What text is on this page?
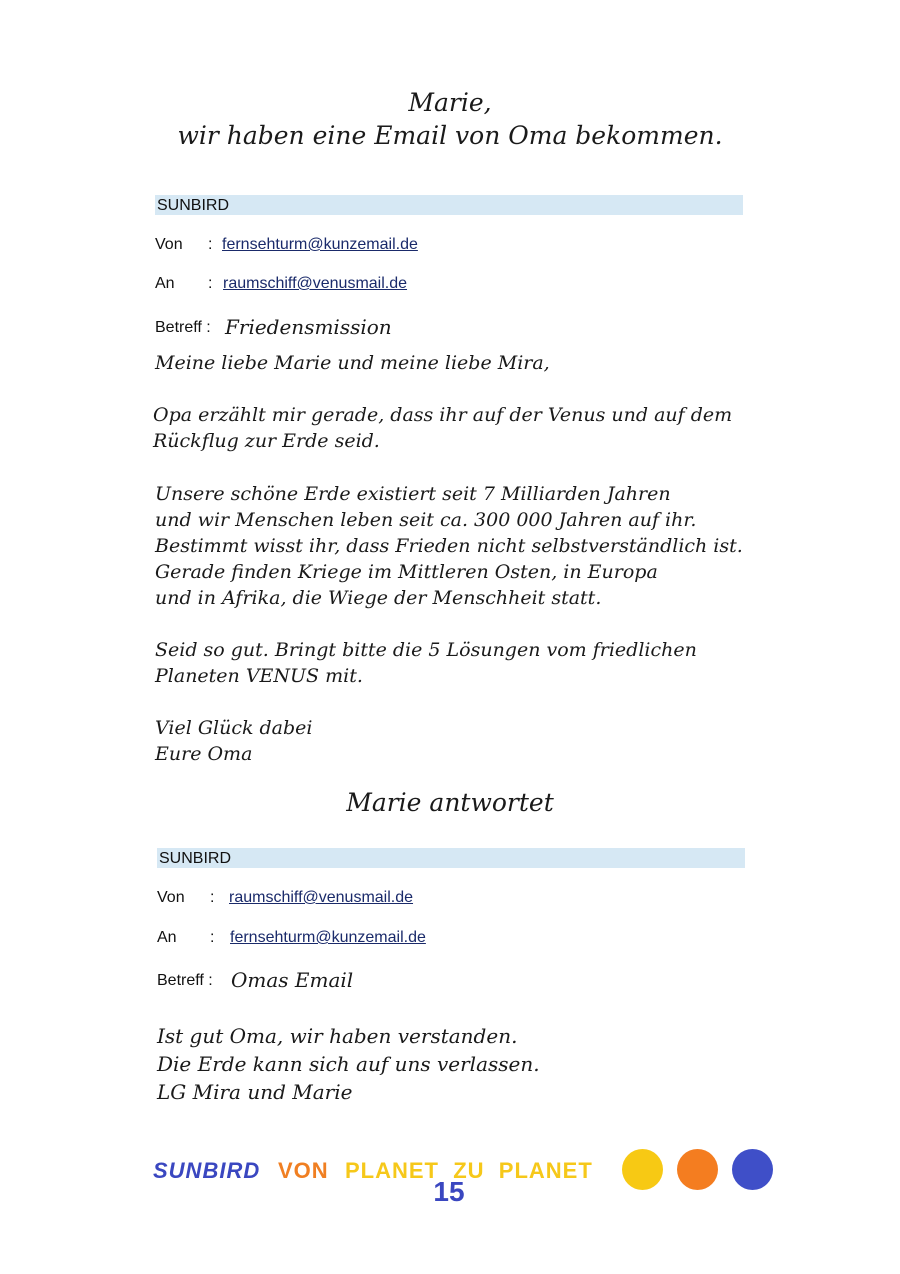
Marie,
wir haben eine Email von Oma bekommen.
SUNBIRD
Von : fernsehturm@kunzemail.de
An : raumschiff@venusmail.de
Betreff : Friedensmission
Meine liebe Marie und meine liebe Mira,
Opa erzählt mir gerade, dass ihr auf der Venus und auf dem
Rückflug zur Erde seid.
Unsere schöne Erde existiert seit 7 Milliarden Jahren
und wir Menschen leben seit ca. 300 000 Jahren auf ihr.
Bestimmt wisst ihr, dass Frieden nicht selbstverständlich ist.
Gerade finden Kriege im Mittleren Osten, in Europa
und in Afrika, die Wiege der Menschheit statt.
Seid so gut. Bringt bitte die 5 Lösungen vom friedlichen
Planeten VENUS mit.
Viel Glück dabei
Eure Oma
Marie antwortet
SUNBIRD
Von : raumschiff@venusmail.de
An : fernsehturm@kunzemail.de
Betreff : Omas Email
Ist gut Oma, wir haben verstanden.
Die Erde kann sich auf uns verlassen.
LG Mira und Marie
SUNBIRD VON PLANET  ZU  PLANET
15
